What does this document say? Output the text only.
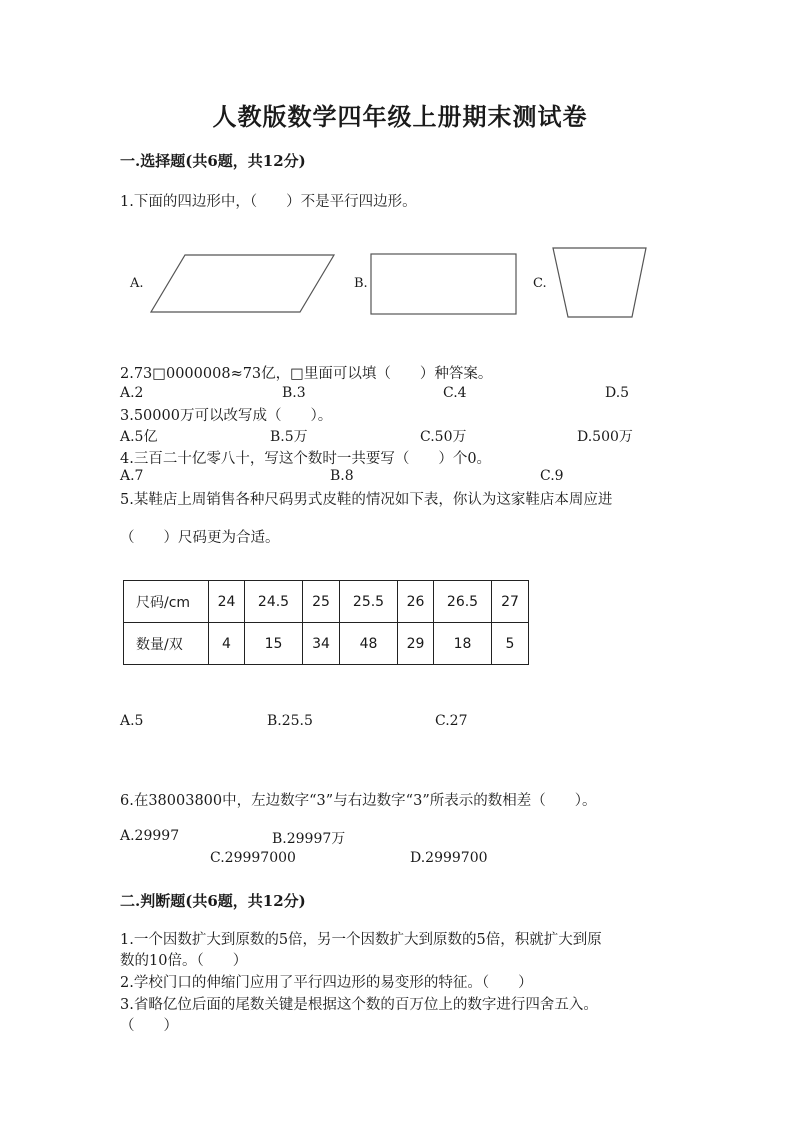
人教版数学四年级上册期末测试卷
一.选择题(共6题，共12分)
1.下面的四边形中，（　　）不是平行四边形。
A.	B.	C.
2.73□0000008≈73亿，□里面可以填（　　）种答案。
A.2	B.3	C.4	D.5
3.50000万可以改写成（　　）。
A.5亿	B.5万	C.50万	D.500万
4.三百二十亿零八十，写这个数时一共要写（　　）个0。
A.7	B.8	C.9
5.某鞋店上周销售各种尺码男式皮鞋的情况如下表，你认为这家鞋店本周应进
（　　）尺码更为合适。
尺码/cm	24	24.5	25	25.5	26	26.5	27
数量/双	4	15	34	48	29	18	5
A.5	B.25.5	C.27
6.在38003800中，左边数字“3”与右边数字“3”所表示的数相差（　　）。
A.29997	B.29997万
C.29997000	D.2999700
二.判断题(共6题，共12分)
1.一个因数扩大到原数的5倍，另一个因数扩大到原数的5倍，积就扩大到原
数的10倍。（　　）
2.学校门口的伸缩门应用了平行四边形的易变形的特征。（　　）
3.省略亿位后面的尾数关键是根据这个数的百万位上的数字进行四舍五入。
（　　）
